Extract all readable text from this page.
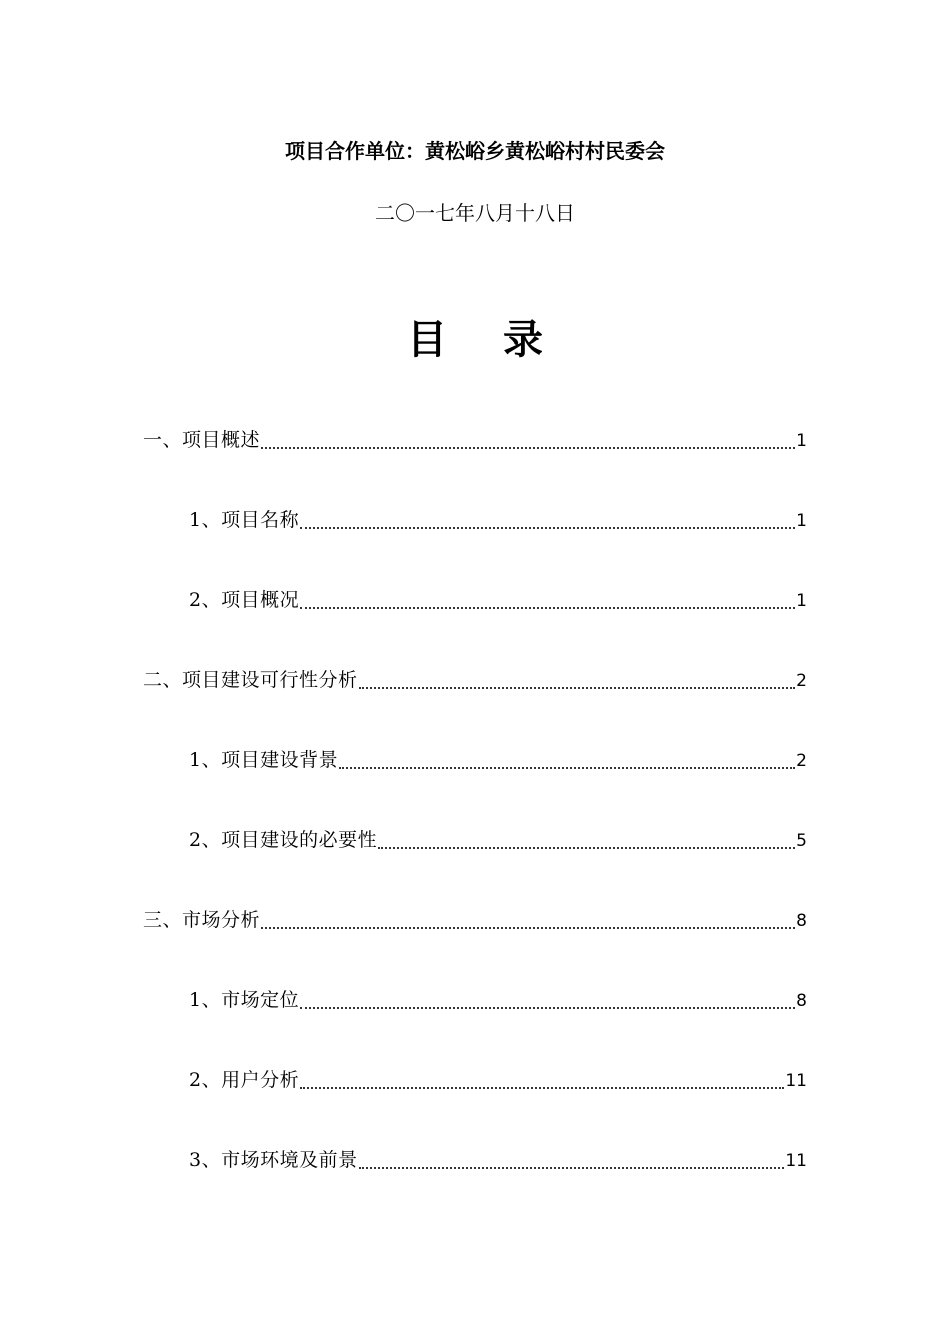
项目合作单位：黄松峪乡黄松峪村村民委会
二〇一七年八月十八日
目 录
一、项目概述	1
1、项目名称	1
2、项目概况	1
二、项目建设可行性分析	2
1、项目建设背景	2
2、项目建设的必要性	5
三、市场分析	8
1、市场定位	8
2、用户分析	11
3、市场环境及前景	11
